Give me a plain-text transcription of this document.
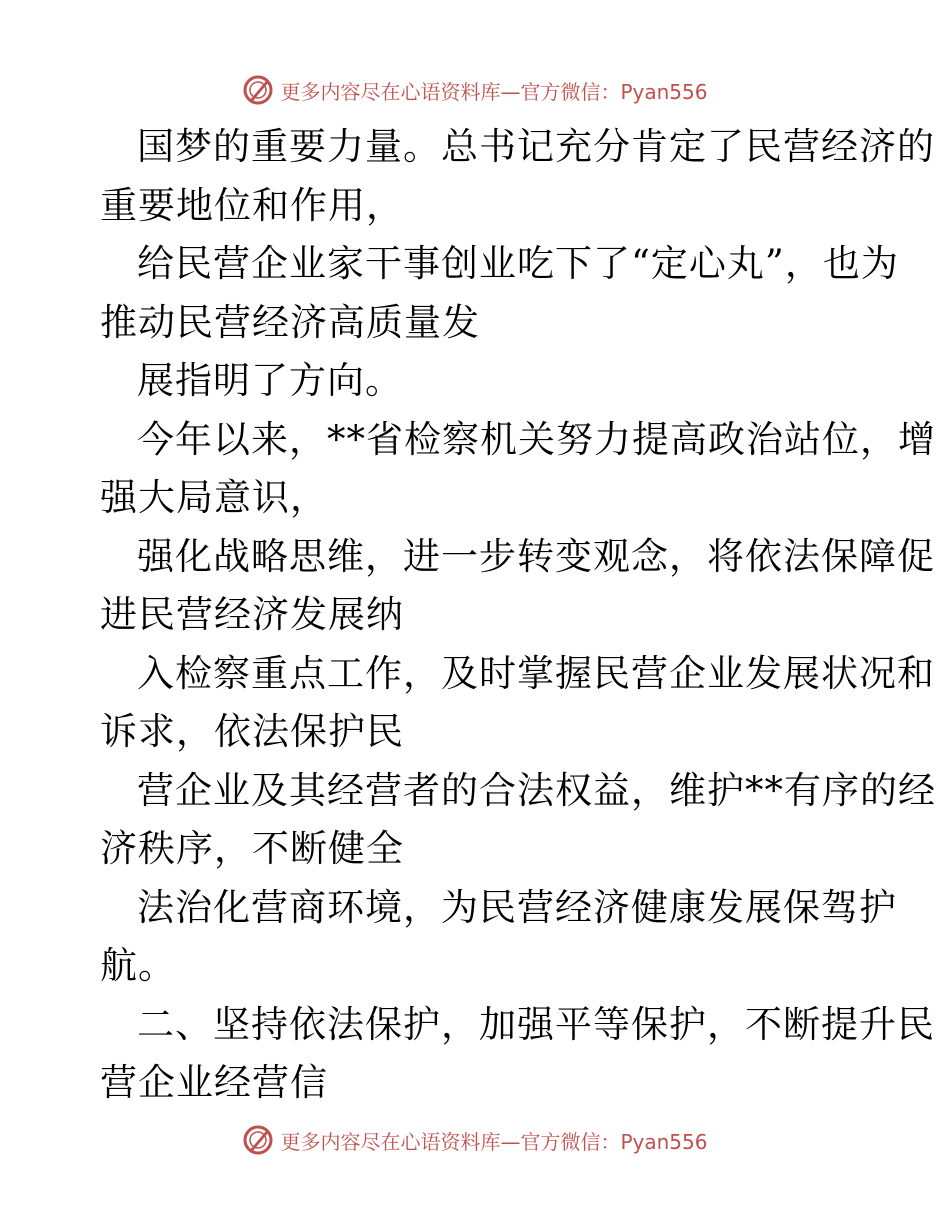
更多内容尽在心语资料库—官方微信：Pyan556

国梦的重要力量。总书记充分肯定了民营经济的
重要地位和作用，

给民营企业家干事创业吃下了“定心丸”，也为
推动民营经济高质量发

展指明了方向。

今年以来，**省检察机关努力提高政治站位，增
强大局意识，

强化战略思维，进一步转变观念，将依法保障促
进民营经济发展纳

入检察重点工作，及时掌握民营企业发展状况和
诉求，依法保护民

营企业及其经营者的合法权益，维护**有序的经
济秩序，不断健全

法治化营商环境，为民营经济健康发展保驾护
航。

二、坚持依法保护，加强平等保护，不断提升民
营企业经营信

更多内容尽在心语资料库—官方微信：Pyan556
